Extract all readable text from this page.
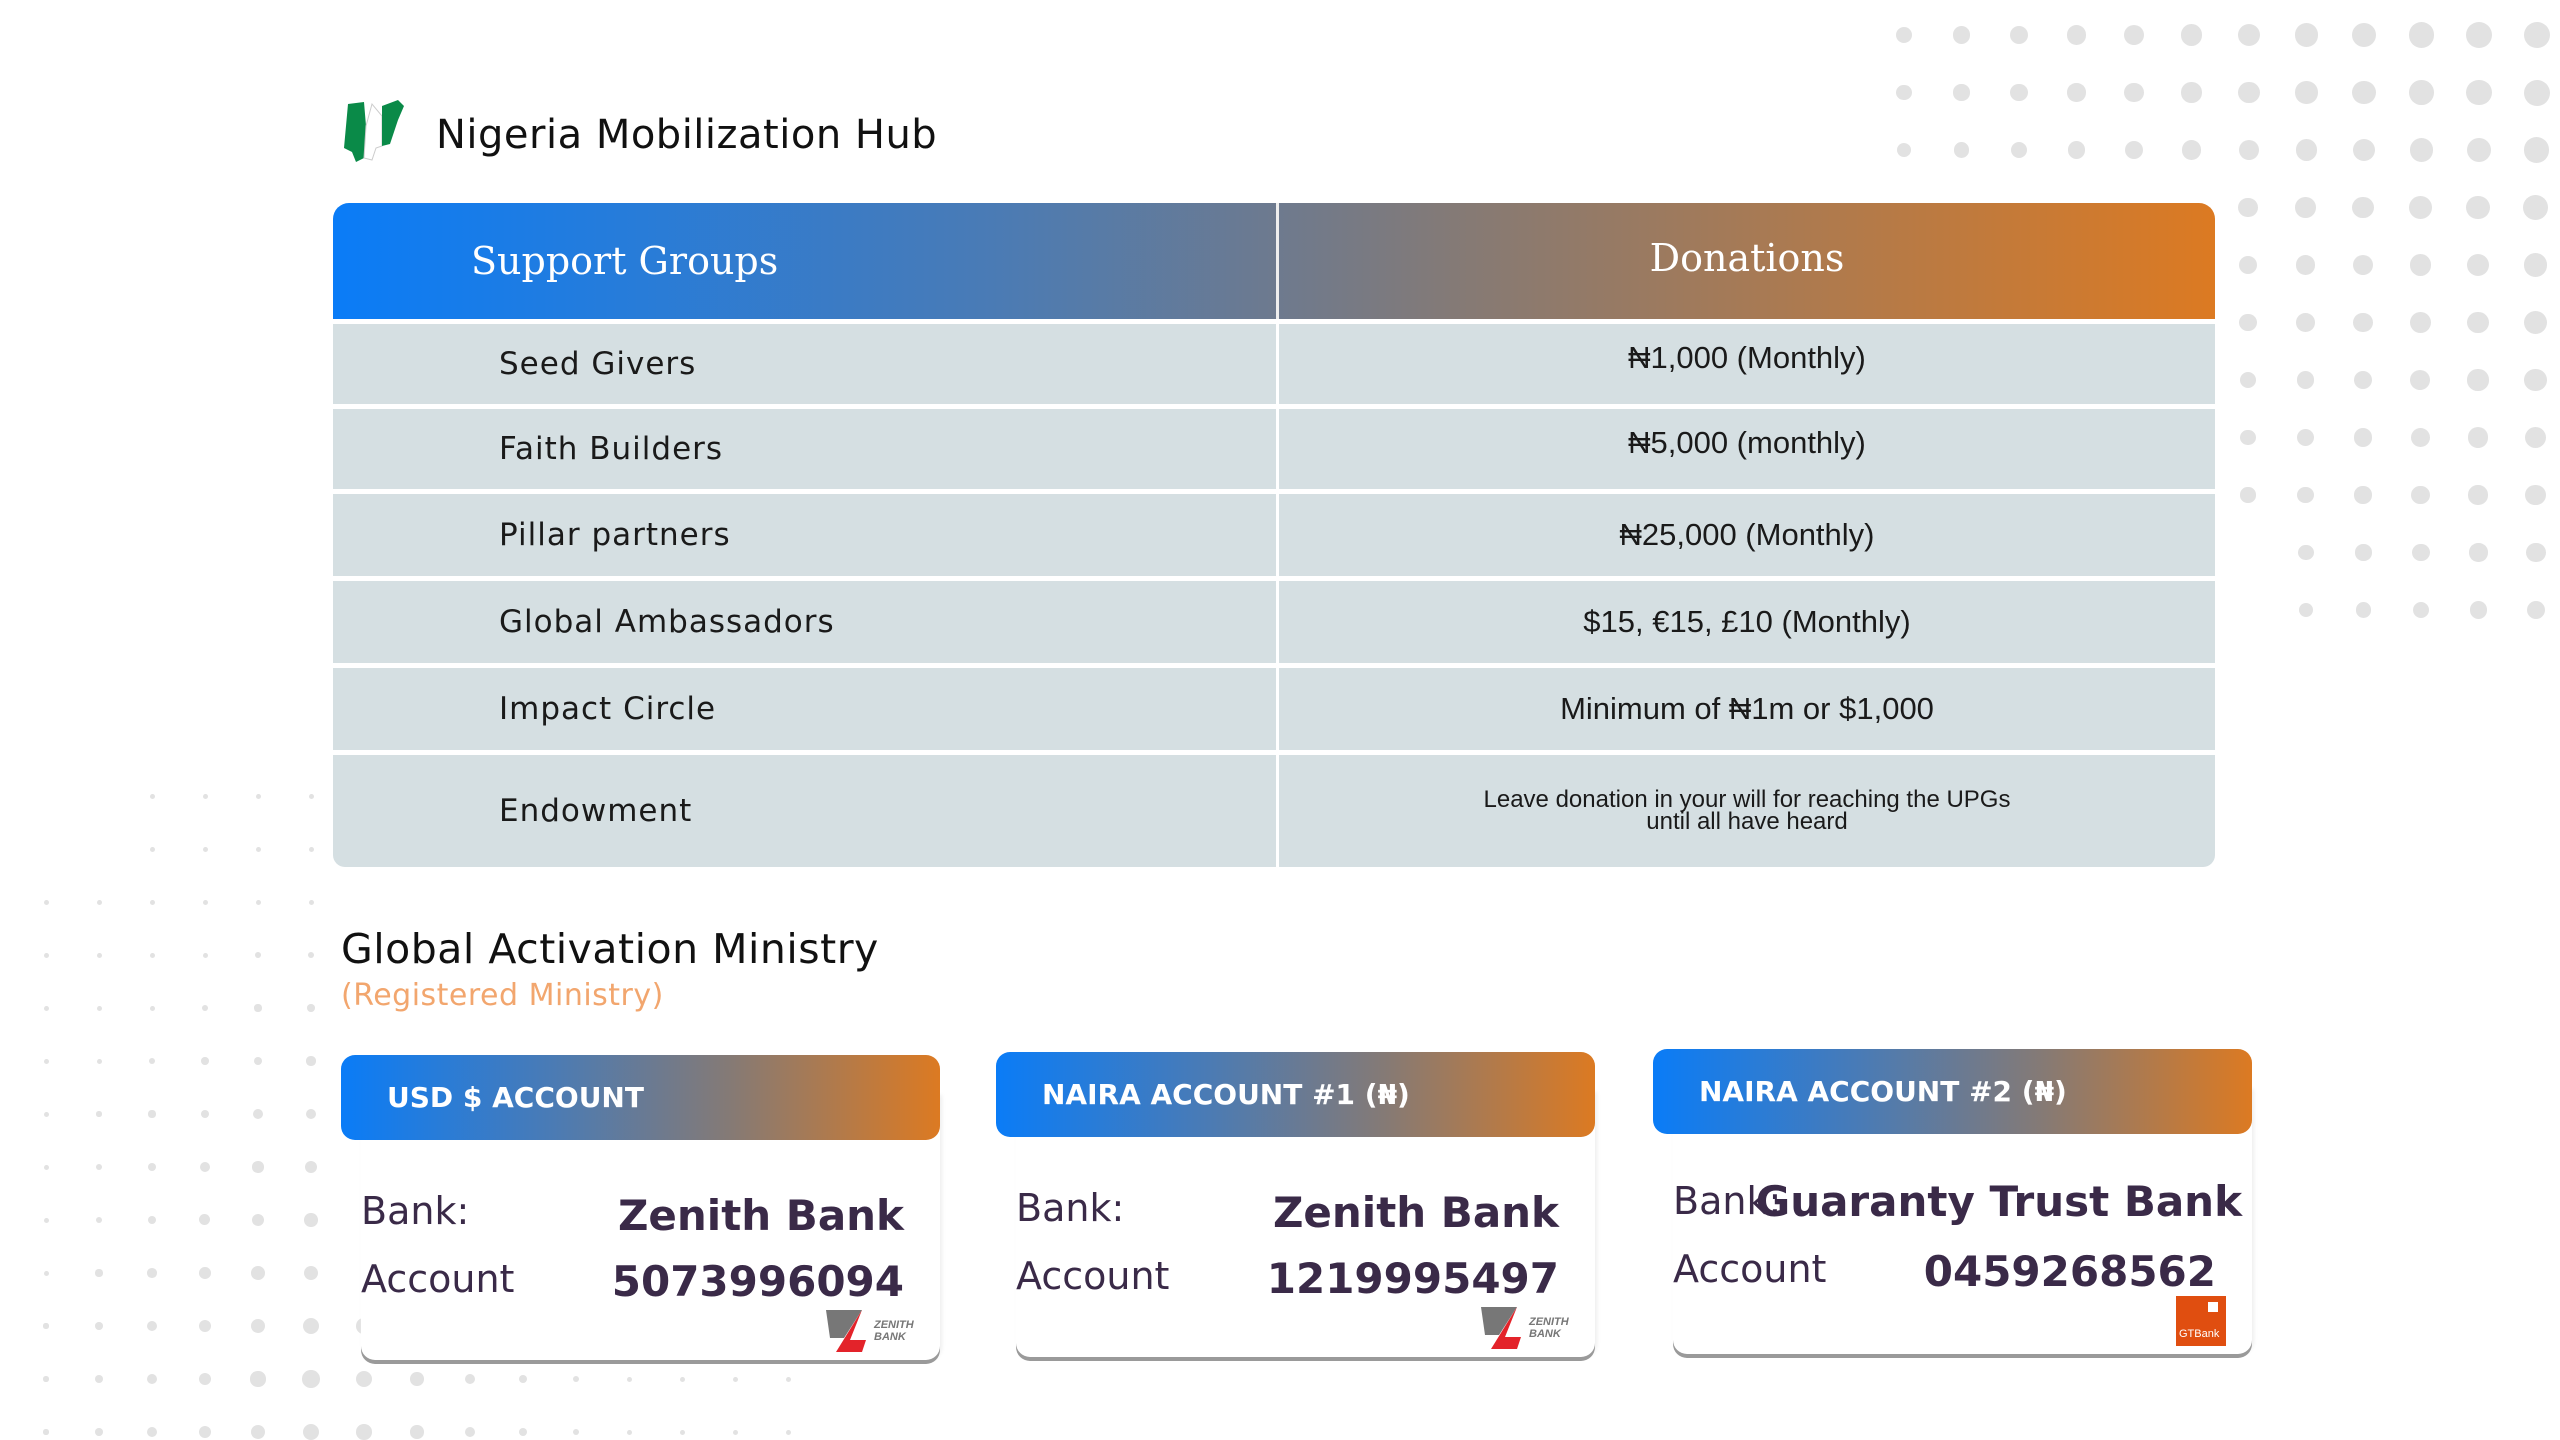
Nigeria Mobilization Hub
Support Groups	Donations
Seed Givers	₦1,000 (Monthly)
Faith Builders	₦5,000 (monthly)
Pillar partners	₦25,000 (Monthly)
Global Ambassadors	$15, €15, £10 (Monthly)
Impact Circle	Minimum of ₦1m or $1,000
Endowment	Leave donation in your will for reaching the UPGs until all have heard
Global Activation Ministry
(Registered Ministry)
USD $ ACCOUNT
Bank:	Zenith Bank
Account 5073996094
ZENITH
BANK
NAIRA ACCOUNT #1 (₦)
Bank:	Zenith Bank
Account 1219995497
ZENITH
BANK
NAIRA ACCOUNT #2 (₦)
Bank:
Guaranty Trust Bank
Account 0459268562
GTBank
